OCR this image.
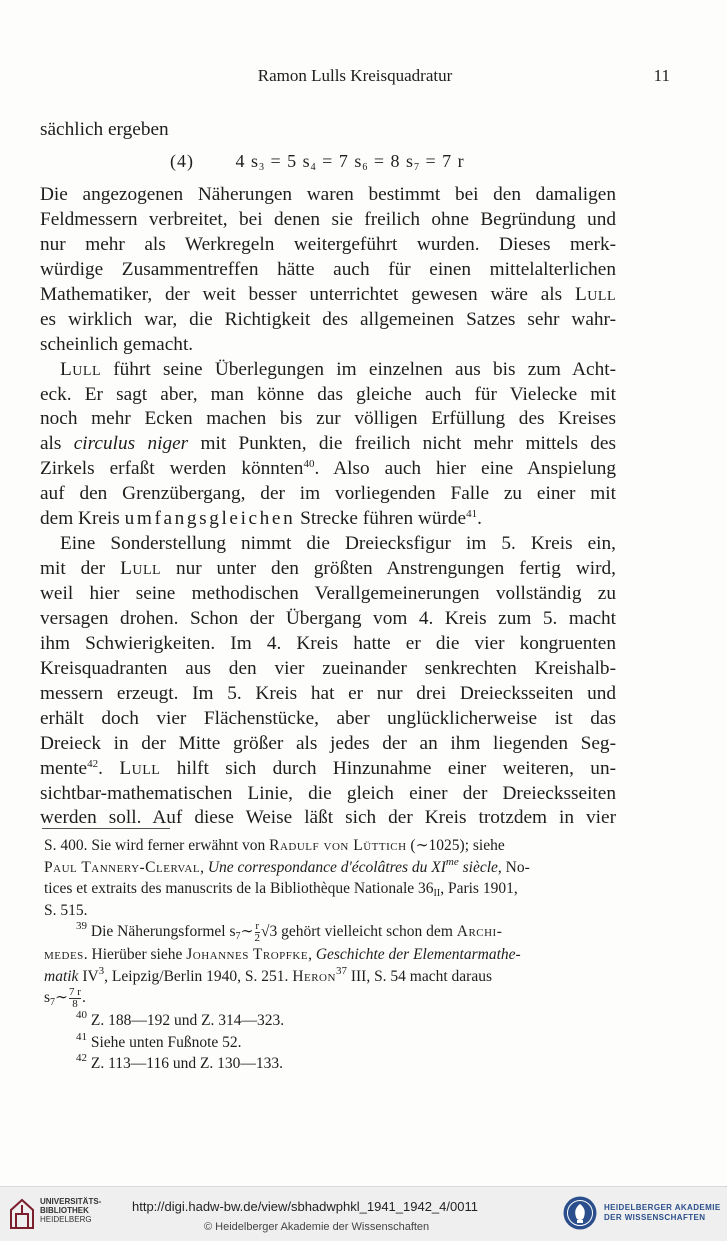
Ramon Lulls Kreisquadratur	11
sächlich ergeben
Die angezogenen Näherungen waren bestimmt bei den damaligen
Feldmessern verbreitet, bei denen sie freilich ohne Begründung und
nur mehr als Werkregeln weitergeführt wurden. Dieses merk-
würdige Zusammentreffen hätte auch für einen mittelalterlichen
Mathematiker, der weit besser unterrichtet gewesen wäre als Lull
es wirklich war, die Richtigkeit des allgemeinen Satzes sehr wahr-
scheinlich gemacht.
Lull führt seine Überlegungen im einzelnen aus bis zum Acht-
eck. Er sagt aber, man könne das gleiche auch für Vielecke mit
noch mehr Ecken machen bis zur völligen Erfüllung des Kreises
als circulus niger mit Punkten, die freilich nicht mehr mittels des
Zirkels erfaßt werden könnten$^{40}$. Also auch hier eine Anspielung
auf den Grenzübergang, der im vorliegenden Falle zu einer mit
dem Kreis umfangsgleichen Strecke führen würde$^{41}$.
Eine Sonderstellung nimmt die Dreiecksfigur im 5. Kreis ein,
mit der Lull nur unter den größten Anstrengungen fertig wird,
weil hier seine methodischen Verallgemeinerungen vollständig zu
versagen drohen. Schon der Übergang vom 4. Kreis zum 5. macht
ihm Schwierigkeiten. Im 4. Kreis hatte er die vier kongruenten
Kreisquadranten aus den vier zueinander senkrechten Kreishalb-
messern erzeugt. Im 5. Kreis hat er nur drei Dreiecksseiten und
erhält doch vier Flächenstücke, aber unglücklicherweise ist das
Dreieck in der Mitte größer als jedes der an ihm liegenden Seg-
mente$^{42}$. Lull hilft sich durch Hinzunahme einer weiteren, un-
sichtbar-mathematischen Linie, die gleich einer der Dreiecksseiten
werden soll. Auf diese Weise läßt sich der Kreis trotzdem in vier
(4) 4 $s_3 = 5$ $s_4 = 7$ $s_6 = 8$ $s_7 = 7$ r
S. 400. Sie wird ferner erwähnt von Radulf von Lüttich (∼1025); siehe
Paul Tannery-Clerval, Une correspondance d'écolâtres du $XI^{me}$ siècle, No-
tices et extraits des manuscrits de la Bibliothèque Nationale $36_{II}$, Paris 1901,
S. 515.
$^{39}$ Die Näherungsformel $s_7\sim \frac{r}{2} √3$ gehört vielleicht schon dem Archi-
medes. Hierüber siehe Johannes Tropfke, Geschichte der Elementarmathe-
matik $IV^3$, Leipzig/Berlin 1940, S. 251. Heron$^{37}$ III, S. 54 macht daraus
$s_7\sim \frac{7 r}{8}$ .
$^{40}$ Z. 188—192 und Z. 314—323.
$^{41}$ Siehe unten Fußnote 52.
$^{42}$ Z. 113—116 und Z. 130—133.
UNIVERSITÄTS-
BIBLIOTHEK
HEIDELBERG
http://digi.hadw-bw.de/view/sbhadwphkl_1941_1942_4/0011
© Heidelberger Akademie der Wissenschaften
HEIDELBERGER AKADEMIE
DER WISSENSCHAFTEN
